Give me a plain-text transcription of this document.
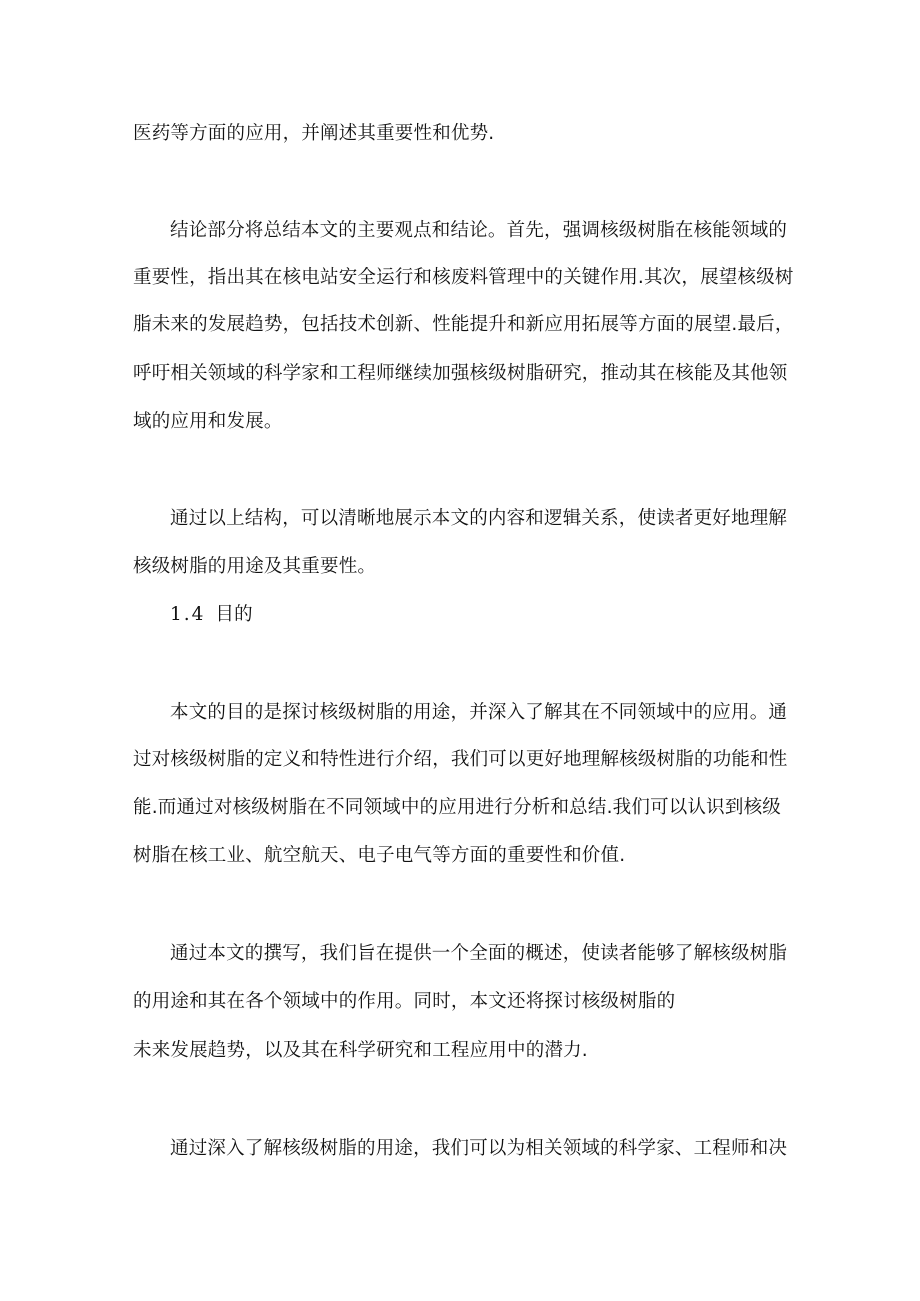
医药等方面的应用，并阐述其重要性和优势.
结论部分将总结本文的主要观点和结论。首先，强调核级树脂在核能领域的
重要性，指出其在核电站安全运行和核废料管理中的关键作用.其次，展望核级树
脂未来的发展趋势，包括技术创新、性能提升和新应用拓展等方面的展望.最后，
呼吁相关领域的科学家和工程师继续加强核级树脂研究，推动其在核能及其他领
域的应用和发展。
通过以上结构，可以清晰地展示本文的内容和逻辑关系，使读者更好地理解
核级树脂的用途及其重要性。
1.4 目的
本文的目的是探讨核级树脂的用途，并深入了解其在不同领域中的应用。通
过对核级树脂的定义和特性进行介绍，我们可以更好地理解核级树脂的功能和性
能.而通过对核级树脂在不同领域中的应用进行分析和总结.我们可以认识到核级
树脂在核工业、航空航天、电子电气等方面的重要性和价值.
通过本文的撰写，我们旨在提供一个全面的概述，使读者能够了解核级树脂
的用途和其在各个领域中的作用。同时，本文还将探讨核级树脂的
未来发展趋势，以及其在科学研究和工程应用中的潜力.
通过深入了解核级树脂的用途，我们可以为相关领域的科学家、工程师和决
